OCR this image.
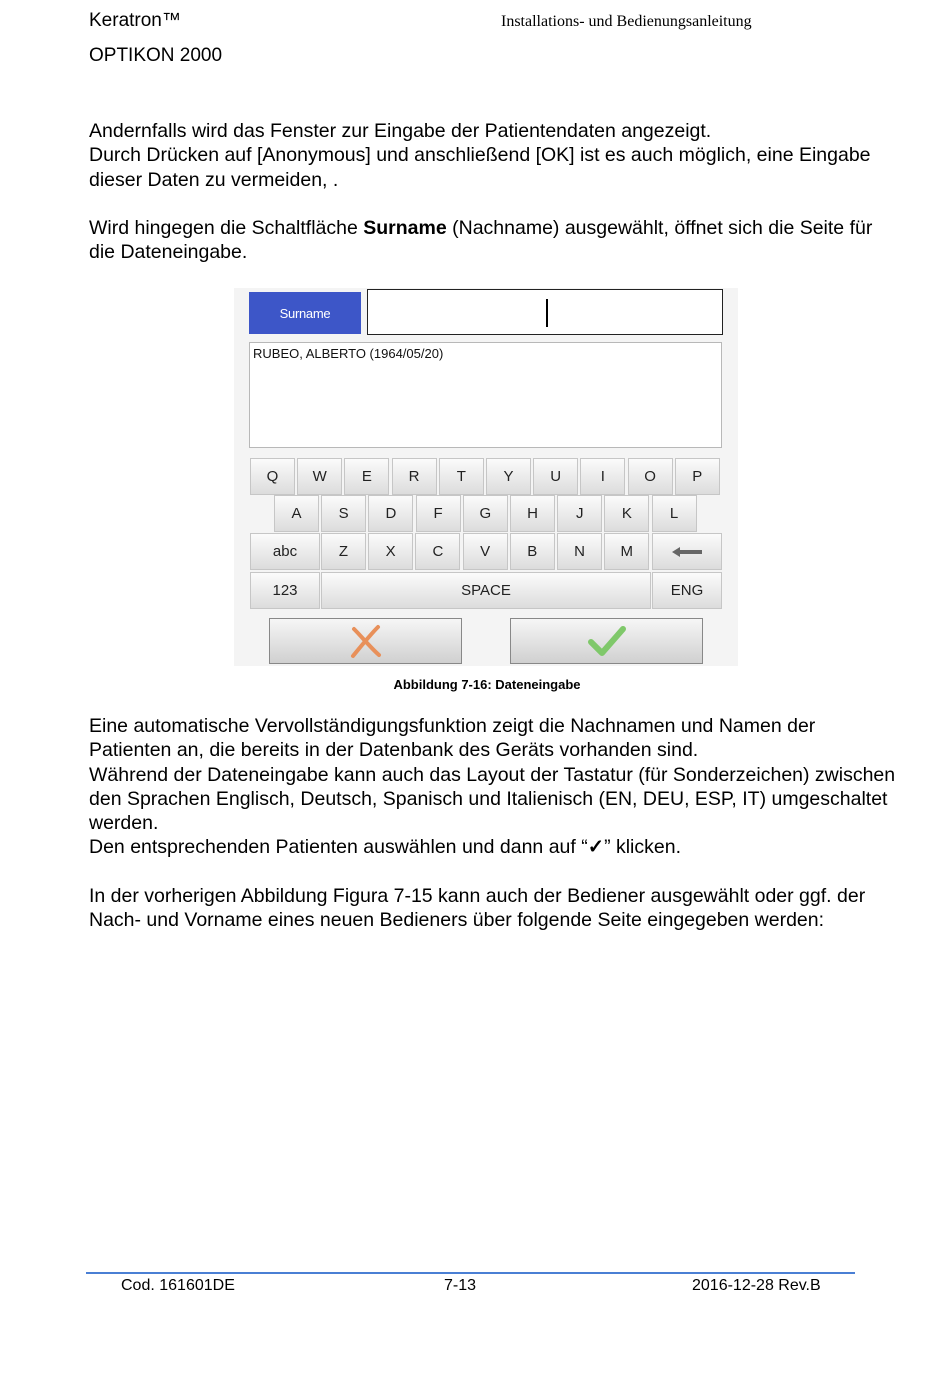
Keratron™
OPTIKON 2000
Installations- und Bedienungsanleitung

Andernfalls wird das Fenster zur Eingabe der Patientendaten angezeigt.

Durch Drücken auf [Anonymous] und anschließend [OK] ist es auch möglich, eine Eingabe dieser Daten zu vermeiden, .

Wird hingegen die Schaltfläche Surname (Nachname) ausgewählt, öffnet sich die Seite für die Dateneingabe.

Surname
RUBEO, ALBERTO (1964/05/20)
Q	W	E	R	T	Y	U	I	O	P
A	S	D	F	G	H	J	K	L
abc	Z	X	C	V	B	N	M
123	SPACE	ENG
Abbildung 7-16: Dateneingabe

Eine automatische Vervollständigungsfunktion zeigt die Nachnamen und Namen der Patienten an, die bereits in der Datenbank des Geräts vorhanden sind.

Während der Dateneingabe kann auch das Layout der Tastatur (für Sonderzeichen) zwischen den Sprachen Englisch, Deutsch, Spanisch und Italienisch (EN, DEU, ESP, IT) umgeschaltet werden.

Den entsprechenden Patienten auswählen und dann auf “✓” klicken.

In der vorherigen Abbildung Figura 7-15 kann auch der Bediener ausgewählt oder ggf. der Nach- und Vorname eines neuen Bedieners über folgende Seite eingegeben werden:

Cod. 161601DE	7-13	2016-12-28 Rev.B
